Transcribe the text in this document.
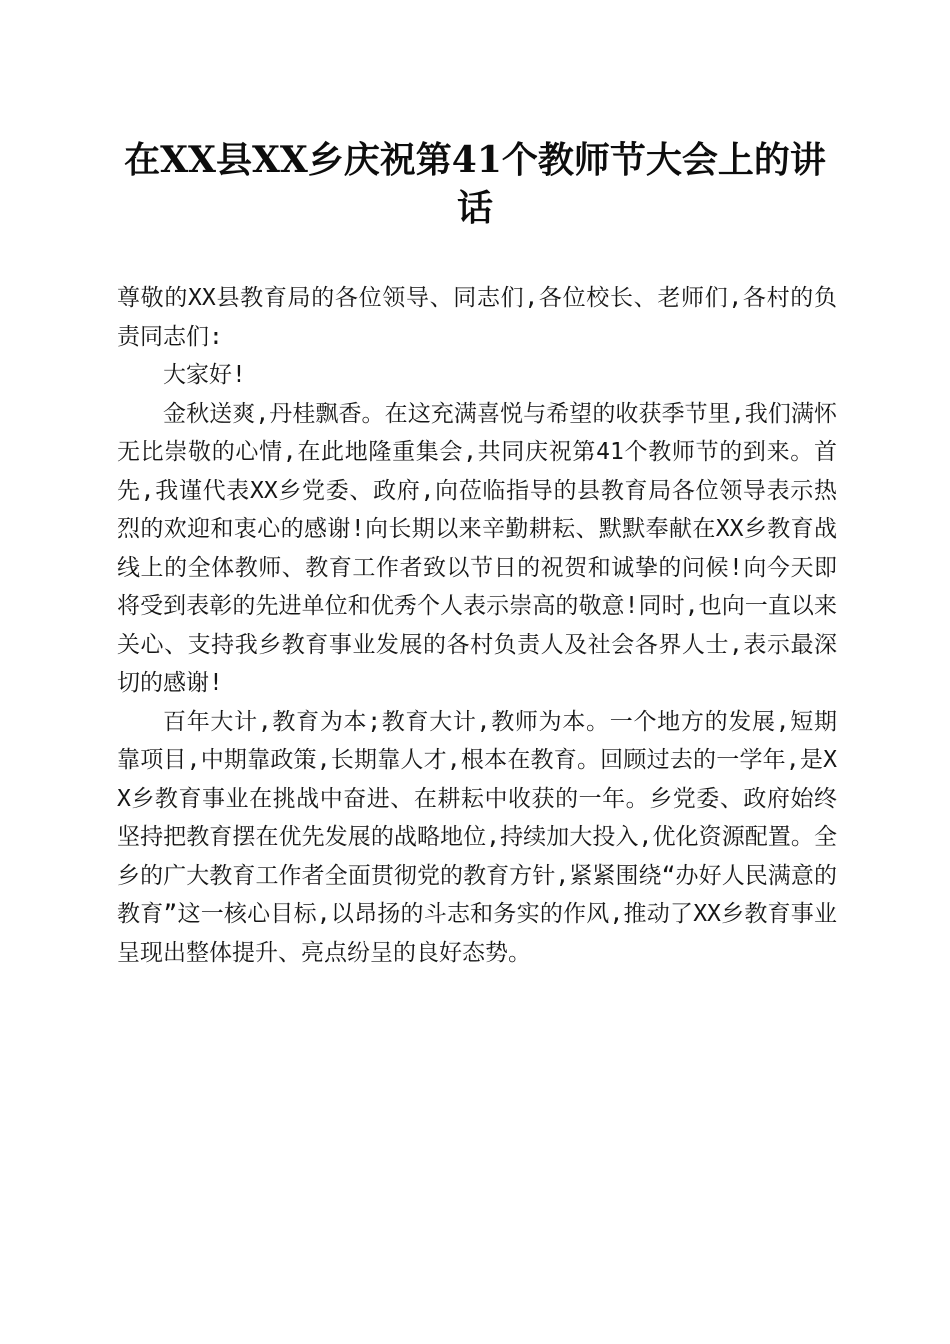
在XX县XX乡庆祝第41个教师节大会上的讲话

尊敬的XX县教育局的各位领导、同志们,各位校长、老师们,各村的负责同志们:

大家好!

金秋送爽,丹桂飘香。在这充满喜悦与希望的收获季节里,我们满怀无比崇敬的心情,在此地隆重集会,共同庆祝第41个教师节的到来。首先,我谨代表XX乡党委、政府,向莅临指导的县教育局各位领导表示热烈的欢迎和衷心的感谢!向长期以来辛勤耕耘、默默奉献在XX乡教育战线上的全体教师、教育工作者致以节日的祝贺和诚挚的问候!向今天即将受到表彰的先进单位和优秀个人表示崇高的敬意!同时,也向一直以来关心、支持我乡教育事业发展的各村负责人及社会各界人士,表示最深切的感谢!

百年大计,教育为本;教育大计,教师为本。一个地方的发展,短期靠项目,中期靠政策,长期靠人才,根本在教育。回顾过去的一学年,是XX乡教育事业在挑战中奋进、在耕耘中收获的一年。乡党委、政府始终坚持把教育摆在优先发展的战略地位,持续加大投入,优化资源配置。全乡的广大教育工作者全面贯彻党的教育方针,紧紧围绕“办好人民满意的教育”这一核心目标,以昂扬的斗志和务实的作风,推动了XX乡教育事业呈现出整体提升、亮点纷呈的良好态势。
